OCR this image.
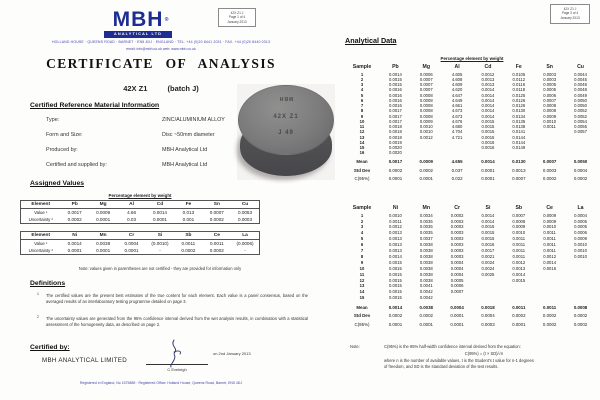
MBH ®
ANALYTICAL LTD
42X Z1 J
Page 1 of 4
January 2013
HOLLAND HOUSE · QUEENS ROAD · BARNET · EN5 4DJ · ENGLAND · TEL. +44 (0)20 8441 2031 · FAX. +44 (0)20 8440 0313
email: info@mbh.co.uk web: www.mbh.co.uk
CERTIFICATE OF ANALYSIS
42X Z1	(batch J)
Certified Reference Material Information
Type:	ZINC/ALUMINIUM ALLOY
Form and Size:	Disc ~50mm diameter
Produced by:	MBH Analytical Ltd
Certified and supplied by:	MBH Analytical Ltd
MBH
42X Z1
J 49
Assigned Values
Percentage element by weight
Element	Pb	Mg	Al	Cd	Fe	Sn	Cu
Value ¹	0.0017	0.0009	4.66	0.0014	0.013	0.0007	0.0053
Uncertainty ²	0.0002	0.0001	0.03	0.0001	0.001	0.0002	0.0003
Element	Ni	Mn	Cr	Si	Sb	Ce	La
Value ¹	0.0014	0.0038	0.0004	(0.0010)	0.0011	0.0011	(0.0006)
Uncertainty ²	0.0001	0.0001	0.0001	-	0.0002	0.0002	-
Note: values given in parentheses are not certified - they are provided for information only
Definitions
1 The certified values are the present best estimates of the true content for each element. Each value is a panel consensus, based on the averaged results of an interlaboratory testing programme detailed on page 3.
2 The uncertainty values are generated from the 95% confidence interval derived from the wet analysis results, in combination with a statistical assessment of the homogeneity data, as described on page 2.
Certified by:
MBH ANALYTICAL LIMITED
on 2nd January 2013
C Eveleigh
Registered in England, No 1575889 · Registered Office: Holland House, Queens Road, Barnet, EN5 4DJ
42X Z1 J
Page 3 of 4
January 2013
Analytical Data
Percentage element by weight
Sample	Pb	Mg	Al	Cd	Fe	Sn	Cu
1	0.0014	0.0006	4.605	0.0012	0.0105	0.0003	0.0044
2	0.0015	0.0007	4.608	0.0013	0.0112	0.0003	0.0045
3	0.0015	0.0007	4.609	0.0013	0.0116	0.0005	0.0046
4	0.0016	0.0007	4.620	0.0014	0.0118	0.0005	0.0048
5	0.0016	0.0008	4.647	0.0014	0.0125	0.0006	0.0049
6	0.0016	0.0008	4.649	0.0014	0.0126	0.0007	0.0050
7	0.0016	0.0008	4.661	0.0014	0.0126	0.0008	0.0050
8	0.0017	0.0008	4.673	0.0014	0.0130	0.0008	0.0052
9	0.0017	0.0008	4.673	0.0014	0.0134	0.0009	0.0052
10	0.0017	0.0009	4.676	0.0015	0.0135	0.0010	0.0054
11	0.0018	0.0010	4.680	0.0015	0.0138	0.0011	0.0055
12	0.0018	0.0010	4.704	0.0015	0.0141		0.0057
13	0.0018	0.0012	4.721	0.0015	0.0144		
14	0.0019			0.0016	0.0144		
15	0.0020			0.0016	0.0149		
16	0.0020						
Mean	0.0017	0.0009	4.655	0.0014	0.0130	0.0007	0.0050
Std Dev	0.0002	0.0002	0.037	0.0001	0.0013	0.0003	0.0004
C(95%)	0.0001	0.0001	0.022	0.0001	0.0007	0.0002	0.0002
Sample	Ni	Mn	Cr	Si	Sb	Ce	La
1	0.0010	0.0034	0.0002	0.0014	0.0007	0.0009	0.0004
2	0.0011	0.0035	0.0003	0.0014	0.0008	0.0009	0.0005
3	0.0012	0.0035	0.0003	0.0015	0.0009	0.0010	0.0005
4	0.0013	0.0035	0.0003	0.0015	0.0010	0.0011	0.0006
5	0.0013	0.0037	0.0003	0.0015	0.0011	0.0011	0.0009
6	0.0013	0.0038	0.0003	0.0016	0.0011	0.0011	0.0010
7	0.0013	0.0038	0.0003	0.0017	0.0011	0.0011	0.0010
8	0.0014	0.0038	0.0003	0.0021	0.0011	0.0012	0.0010
9	0.0015	0.0038	0.0004	0.0024	0.0012	0.0014	
10	0.0015	0.0038	0.0004	0.0024	0.0013	0.0016	
11	0.0015	0.0038	0.0004	0.0025	0.0014		
12	0.0015	0.0038	0.0005		0.0015		
13	0.0015	0.0041	0.0006				
14	0.0015	0.0042	0.0007				
15	0.0015	0.0042					
Mean	0.0014	0.0038	0.0004	0.0018	0.0011	0.0011	0.0008
Std Dev	0.0002	0.0002	0.0001	0.0004	0.0002	0.0002	0.0002
C(95%)	0.0001	0.0001	0.0001	0.0003	0.0001	0.0002	0.0002
Note:	C(95%) is the 95% half-width confidence interval derived from the equation:
C(95%) = (t × SD)/√n
where n is the number of available values, t is the Student's t value for n-1 degrees
of freedom, and SD is the standard deviation of the test results.
